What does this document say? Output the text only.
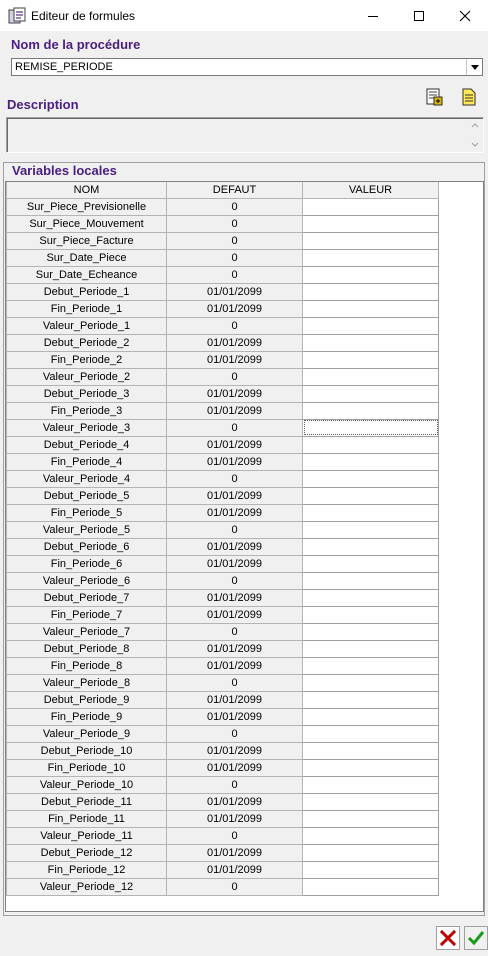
Editeur de formules
Nom de la procédure
REMISE_PERIODE
Description
Variables locales
NOM	DEFAUT	VALEUR
Sur_Piece_Previsionelle	0	
Sur_Piece_Mouvement	0	
Sur_Piece_Facture	0	
Sur_Date_Piece	0	
Sur_Date_Echeance	0	
Debut_Periode_1	01/01/2099	
Fin_Periode_1	01/01/2099	
Valeur_Periode_1	0	
Debut_Periode_2	01/01/2099	
Fin_Periode_2	01/01/2099	
Valeur_Periode_2	0	
Debut_Periode_3	01/01/2099	
Fin_Periode_3	01/01/2099	
Valeur_Periode_3	0	
Debut_Periode_4	01/01/2099	
Fin_Periode_4	01/01/2099	
Valeur_Periode_4	0	
Debut_Periode_5	01/01/2099	
Fin_Periode_5	01/01/2099	
Valeur_Periode_5	0	
Debut_Periode_6	01/01/2099	
Fin_Periode_6	01/01/2099	
Valeur_Periode_6	0	
Debut_Periode_7	01/01/2099	
Fin_Periode_7	01/01/2099	
Valeur_Periode_7	0	
Debut_Periode_8	01/01/2099	
Fin_Periode_8	01/01/2099	
Valeur_Periode_8	0	
Debut_Periode_9	01/01/2099	
Fin_Periode_9	01/01/2099	
Valeur_Periode_9	0	
Debut_Periode_10	01/01/2099	
Fin_Periode_10	01/01/2099	
Valeur_Periode_10	0	
Debut_Periode_11	01/01/2099	
Fin_Periode_11	01/01/2099	
Valeur_Periode_11	0	
Debut_Periode_12	01/01/2099	
Fin_Periode_12	01/01/2099	
Valeur_Periode_12	0	
